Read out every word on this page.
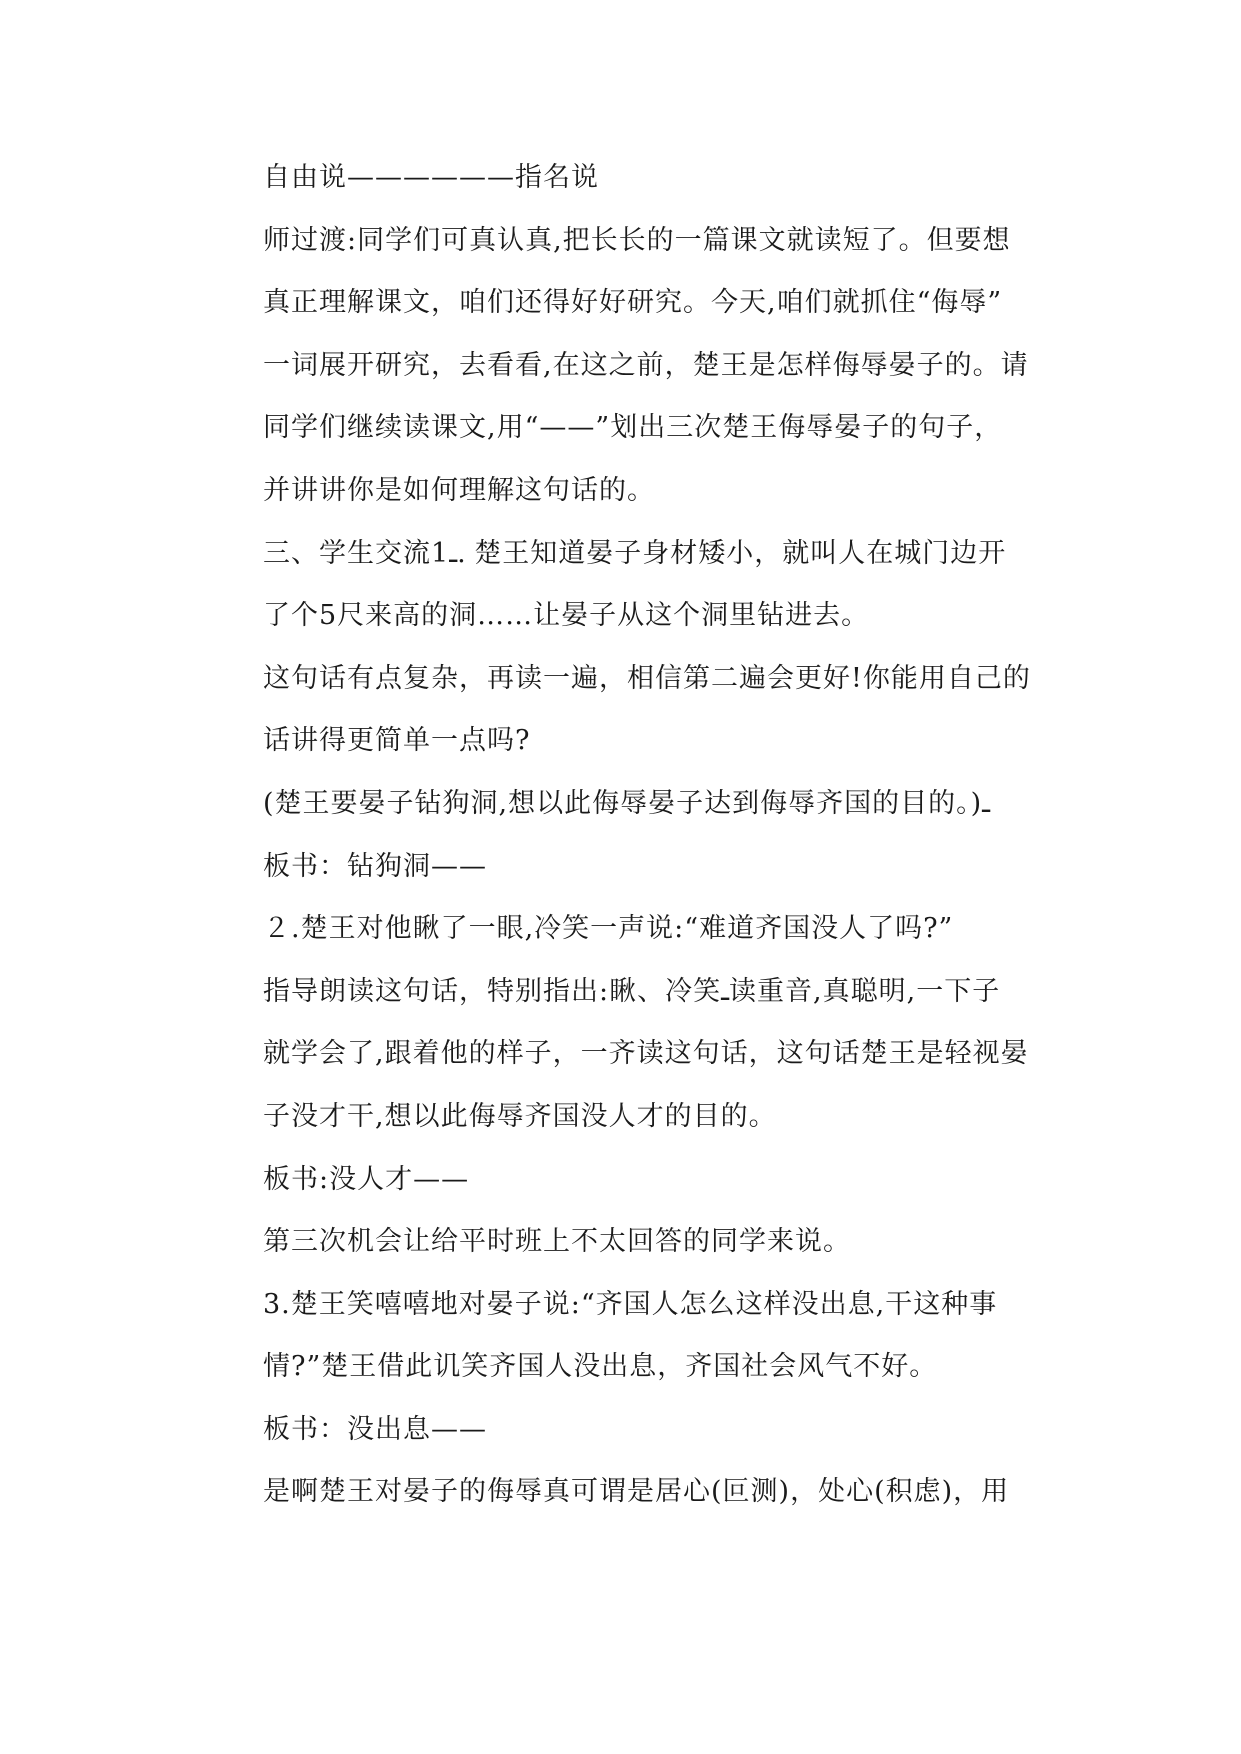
自由说——————指名说
师过渡:同学们可真认真,把长长的一篇课文就读短了。但要想
真正理解课文，咱们还得好好研究。今天,咱们就抓住“侮辱”
一词展开研究，去看看,在这之前，楚王是怎样侮辱晏子的。请
同学们继续读课文,用“——”划出三次楚王侮辱晏子的句子，
并讲讲你是如何理解这句话的。
三、学生交流1ـ. 楚王知道晏子身材矮小，就叫人在城门边开
了个5尺来高的洞……让晏子从这个洞里钻进去。
这句话有点复杂，再读一遍，相信第二遍会更好!你能用自己的
话讲得更简单一点吗?
(楚王要晏子钻狗洞,想以此侮辱晏子达到侮辱齐国的目的。)ـ
板书：钻狗洞——
２.楚王对他瞅了一眼,冷笑一声说:“难道齐国没人了吗?”
指导朗读这句话，特别指出:瞅、冷笑ـ读重音,真聪明,一下子
就学会了,跟着他的样子，一齐读这句话，这句话楚王是轻视晏
子没才干,想以此侮辱齐国没人才的目的。
板书:没人才——
第三次机会让给平时班上不太回答的同学来说。
3.楚王笑嘻嘻地对晏子说:“齐国人怎么这样没出息,干这种事
情?”楚王借此讥笑齐国人没出息，齐国社会风气不好。
板书：没出息——
是啊楚王对晏子的侮辱真可谓是居心(叵测)，处心(积虑)，用
